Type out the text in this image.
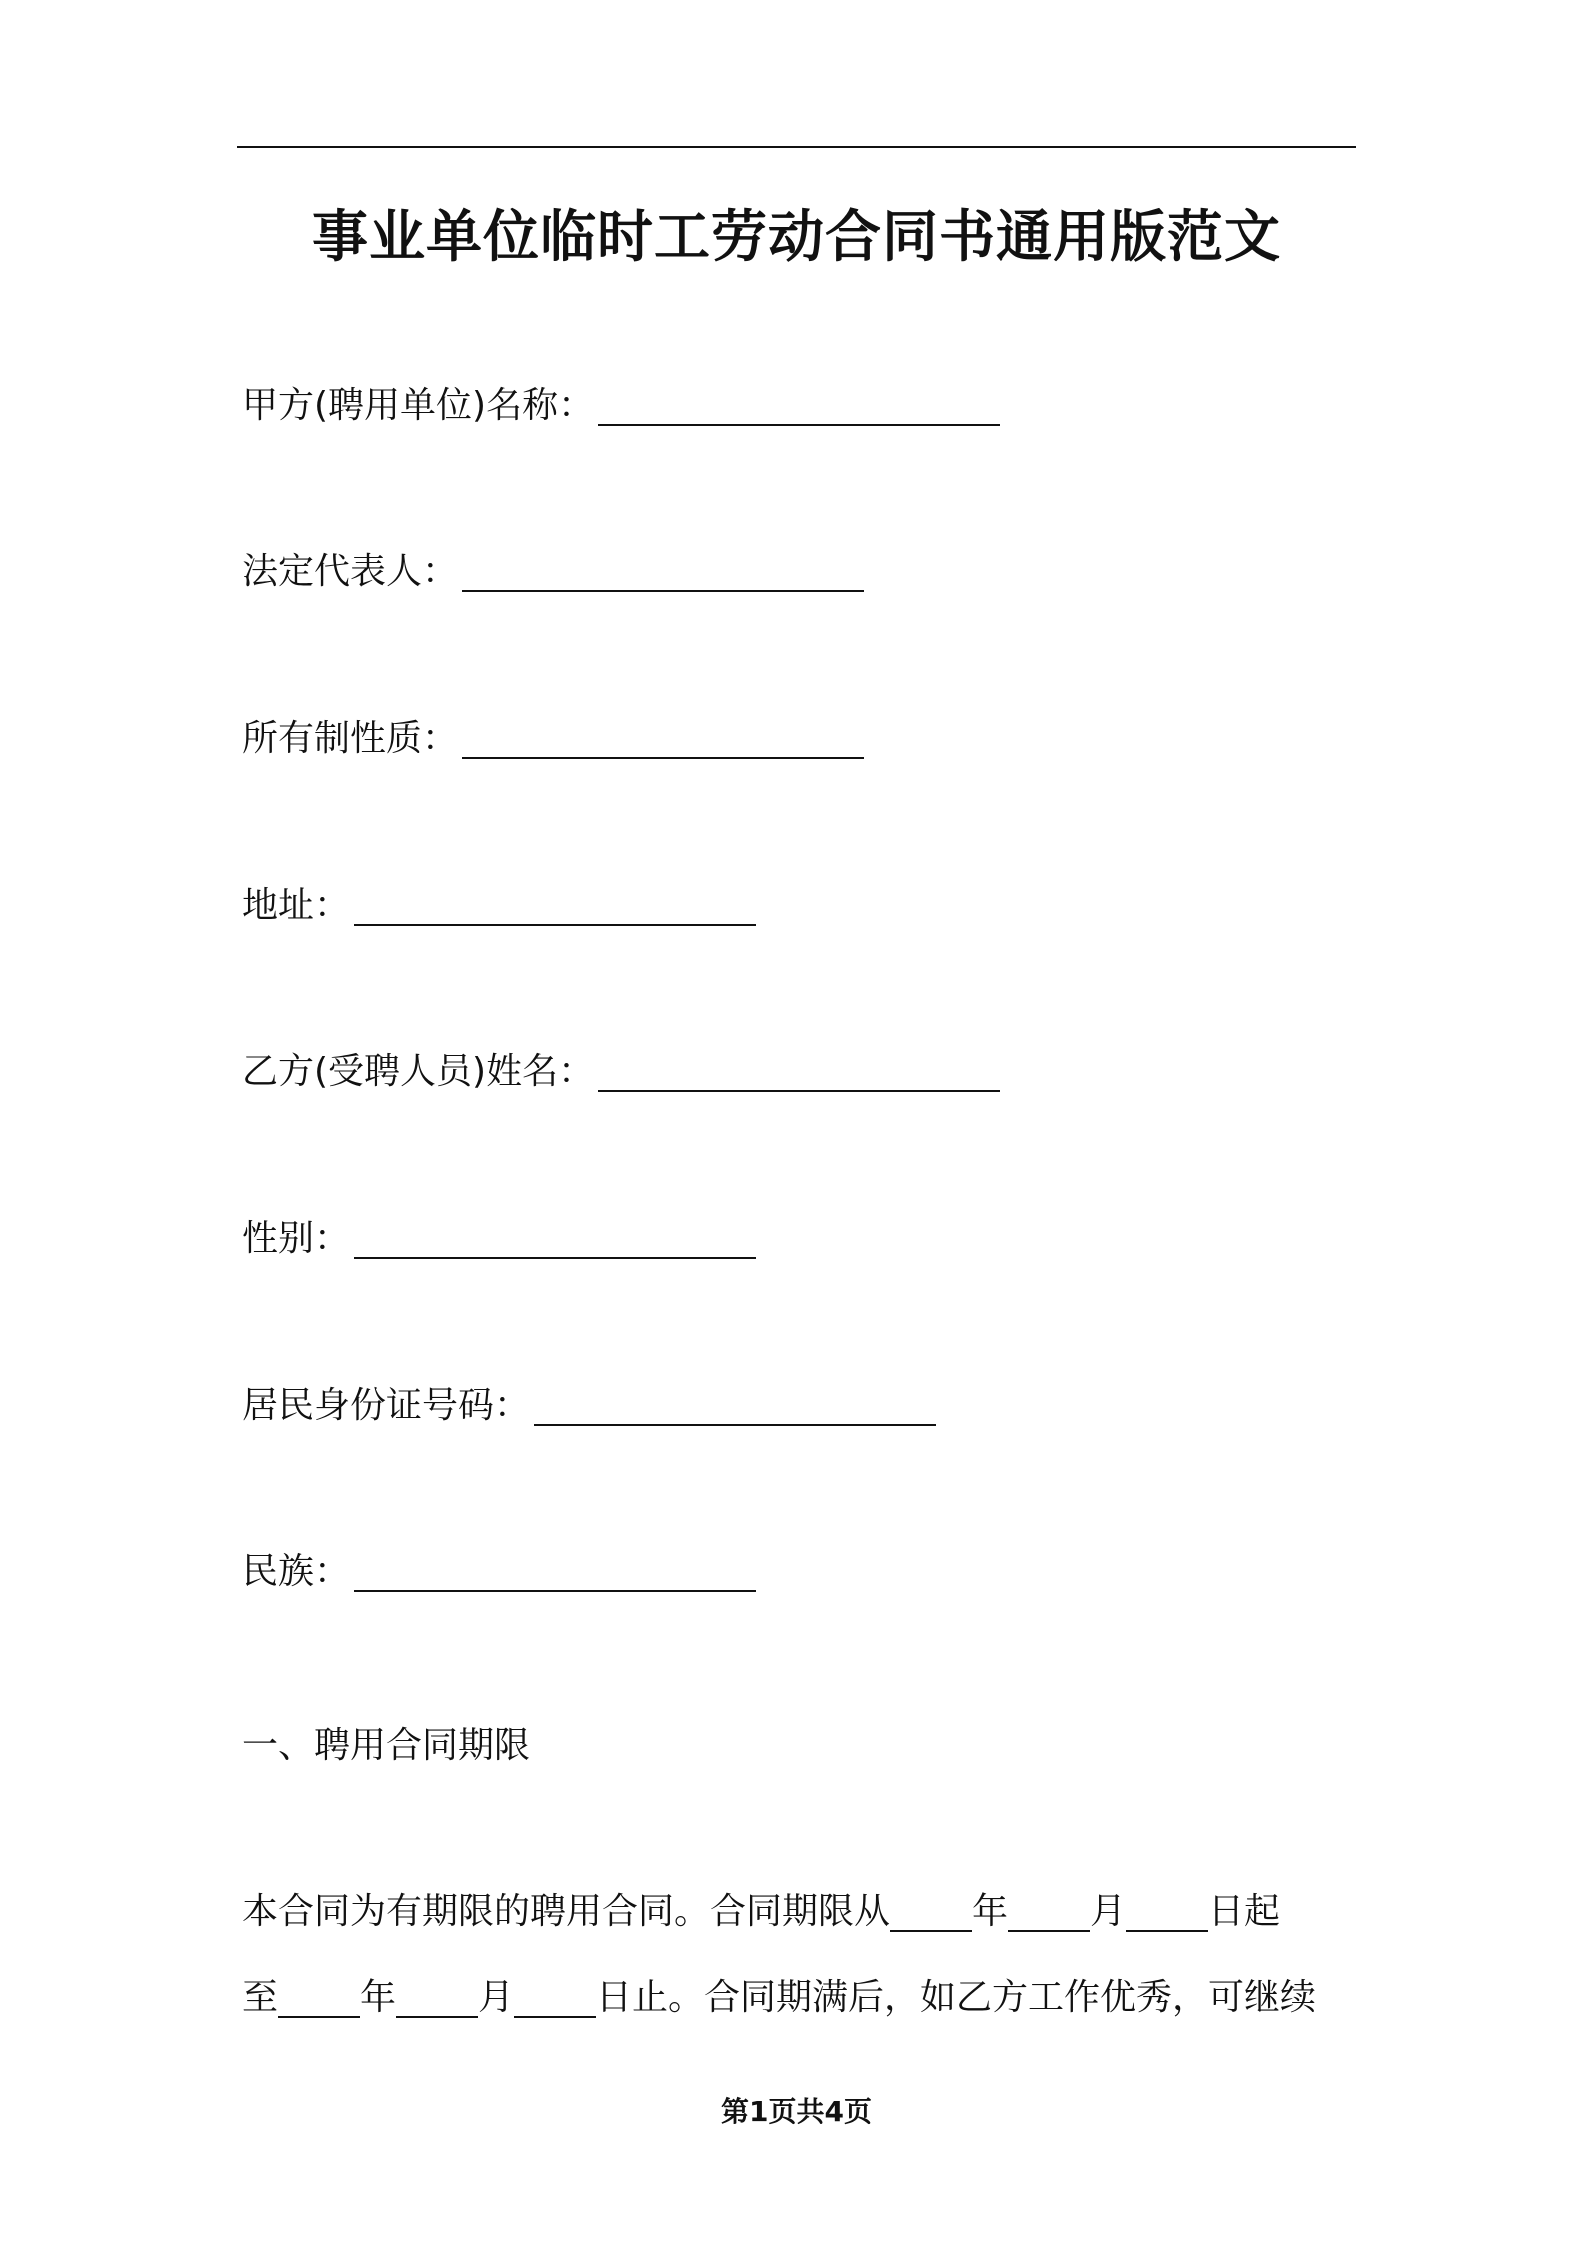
事业单位临时工劳动合同书通用版范文
甲方(聘用单位)名称：
法定代表人：
所有制性质：
地址：
乙方(受聘人员)姓名：
性别：
居民身份证号码：
民族：
一、聘用合同期限
本合同为有期限的聘用合同。合同期限从 年 月 日起
至 年 月 日止。合同期满后，如乙方工作优秀，可继续
第1页共4页
